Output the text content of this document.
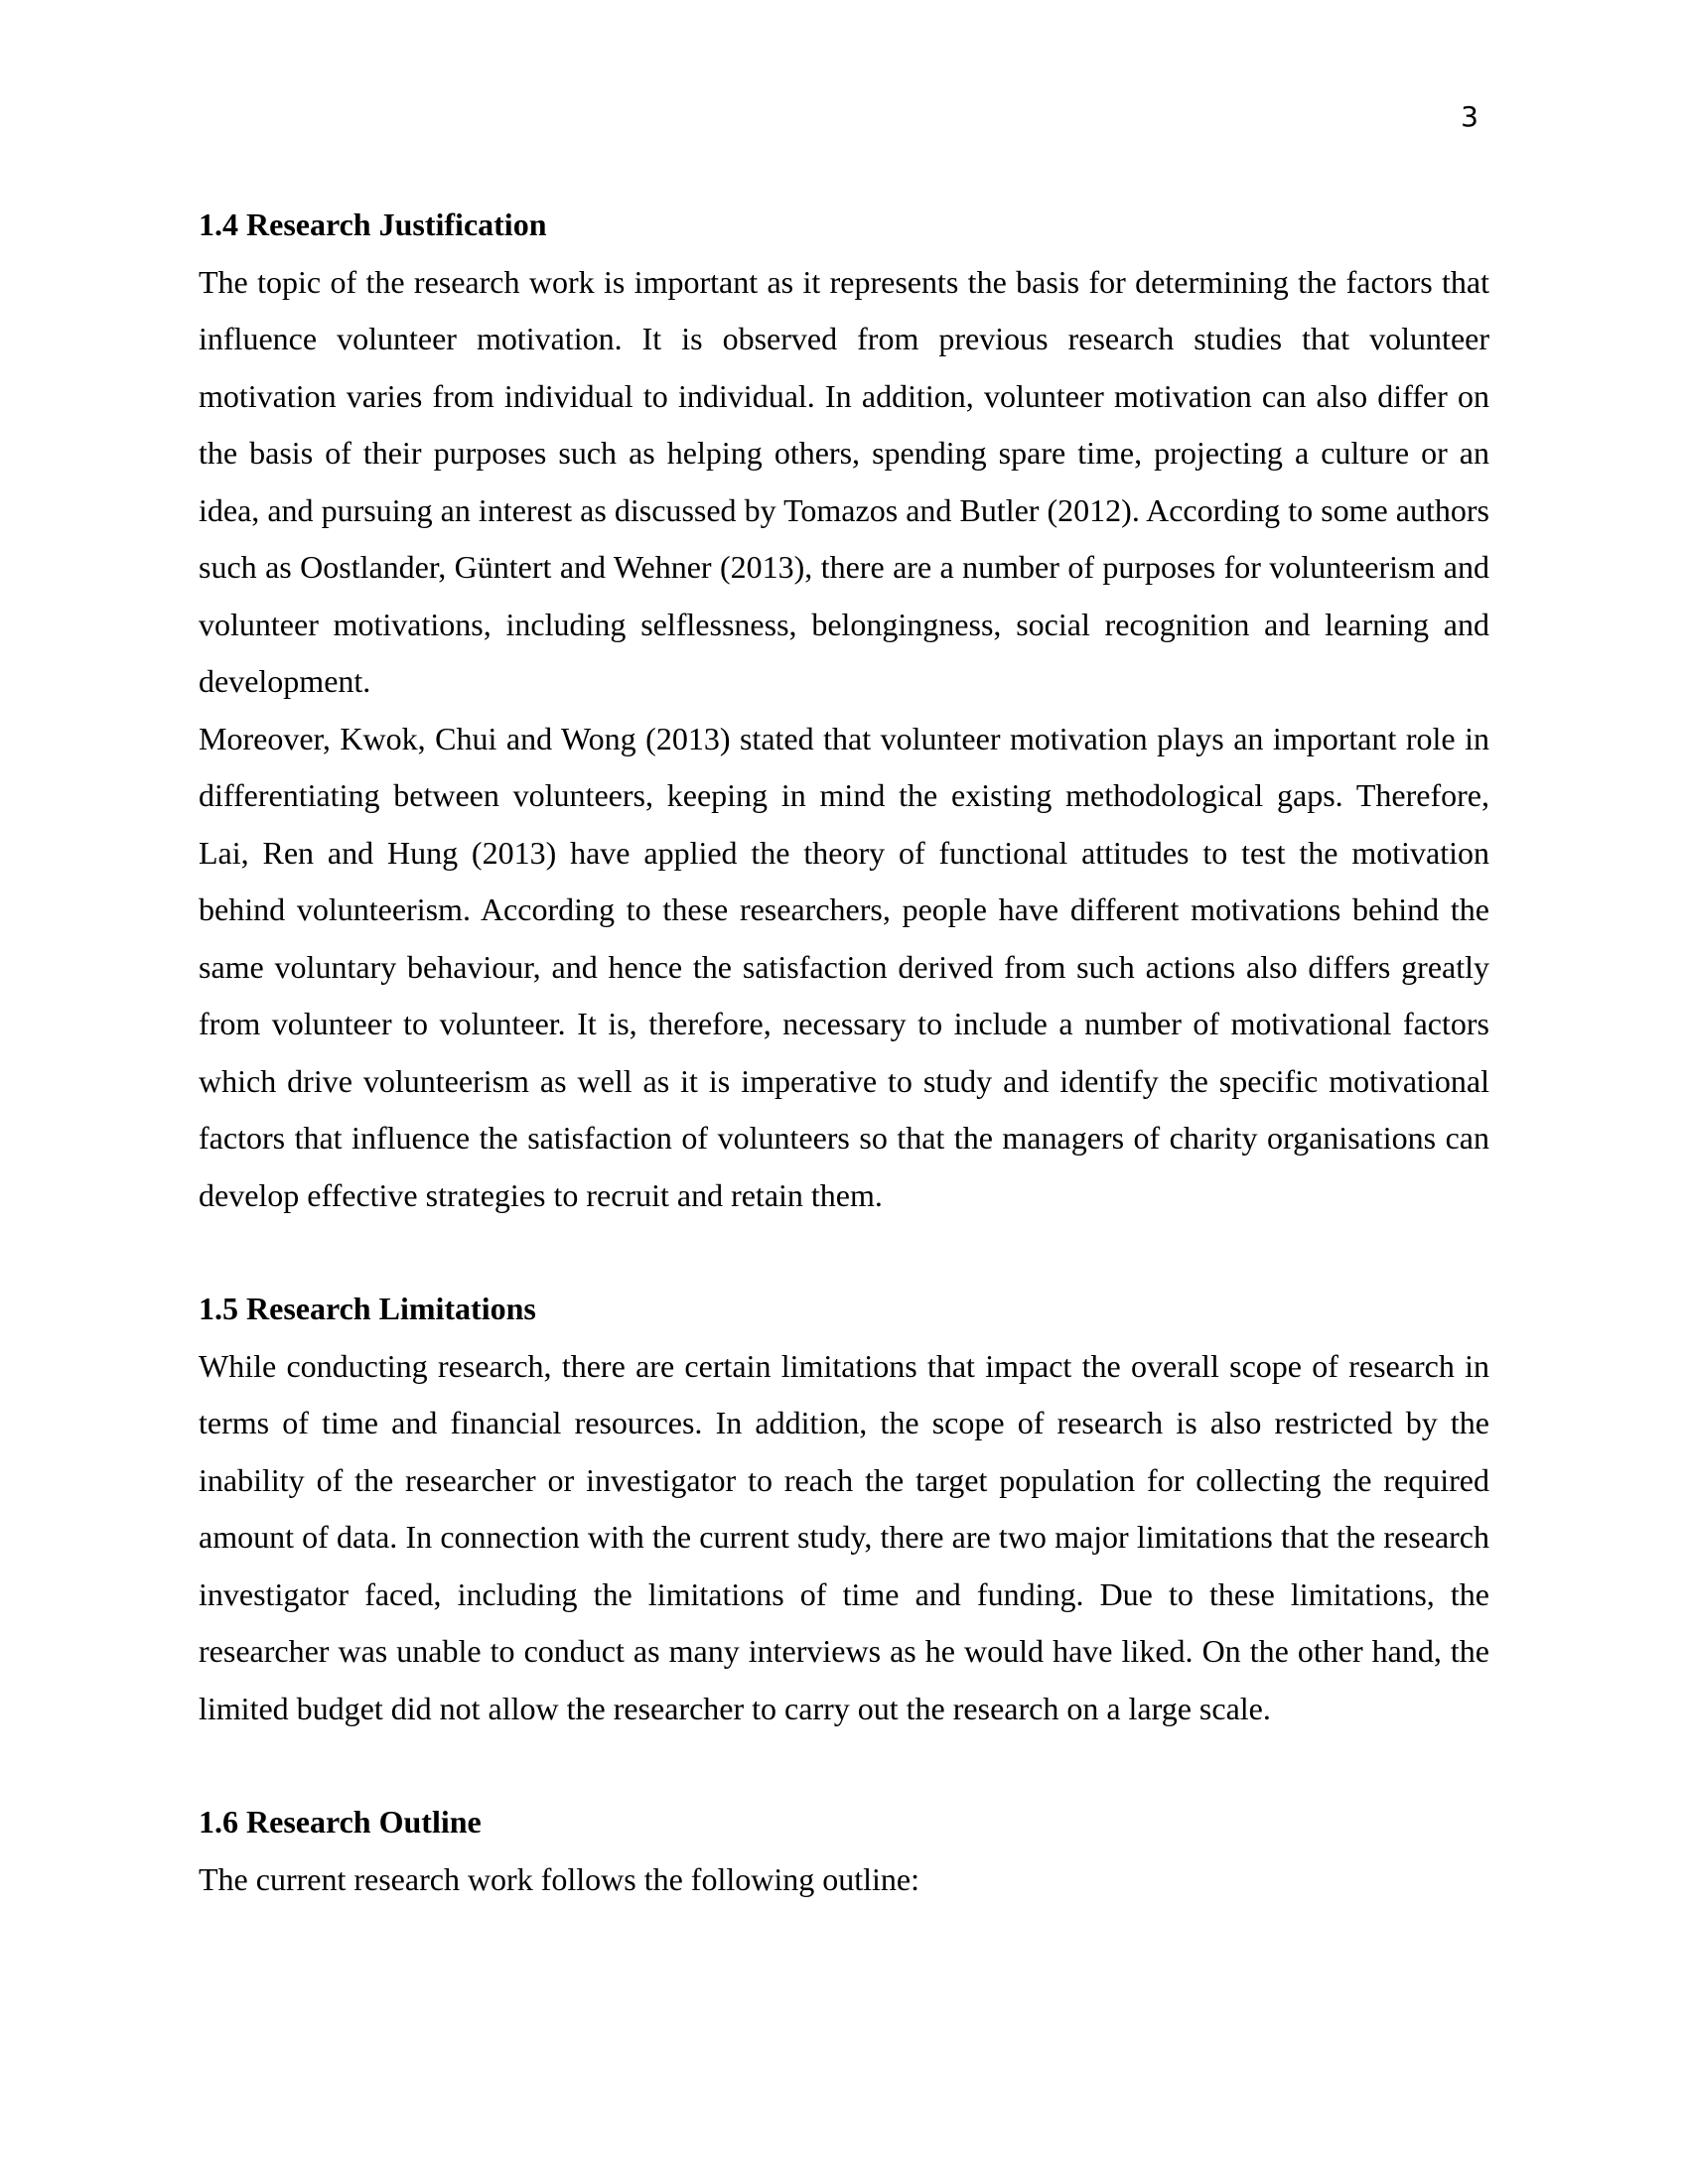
3
1.4 Research Justification

The topic of the research work is important as it represents the basis for determining the factors that influence volunteer motivation. It is observed from previous research studies that volunteer motivation varies from individual to individual. In addition, volunteer motivation can also differ on the basis of their purposes such as helping others, spending spare time, projecting a culture or an idea, and pursuing an interest as discussed by Tomazos and Butler (2012). According to some authors such as Oostlander, Güntert and Wehner (2013), there are a number of purposes for volunteerism and volunteer motivations, including selflessness, belongingness, social recognition and learning and development.

Moreover, Kwok, Chui and Wong (2013) stated that volunteer motivation plays an important role in differentiating between volunteers, keeping in mind the existing methodological gaps. Therefore, Lai, Ren and Hung (2013) have applied the theory of functional attitudes to test the motivation behind volunteerism. According to these researchers, people have different motivations behind the same voluntary behaviour, and hence the satisfaction derived from such actions also differs greatly from volunteer to volunteer. It is, therefore, necessary to include a number of motivational factors which drive volunteerism as well as it is imperative to study and identify the specific motivational factors that influence the satisfaction of volunteers so that the managers of charity organisations can develop effective strategies to recruit and retain them.

1.5 Research Limitations

While conducting research, there are certain limitations that impact the overall scope of research in terms of time and financial resources. In addition, the scope of research is also restricted by the inability of the researcher or investigator to reach the target population for collecting the required amount of data. In connection with the current study, there are two major limitations that the research investigator faced, including the limitations of time and funding. Due to these limitations, the researcher was unable to conduct as many interviews as he would have liked. On the other hand, the limited budget did not allow the researcher to carry out the research on a large scale.

1.6 Research Outline

The current research work follows the following outline:
